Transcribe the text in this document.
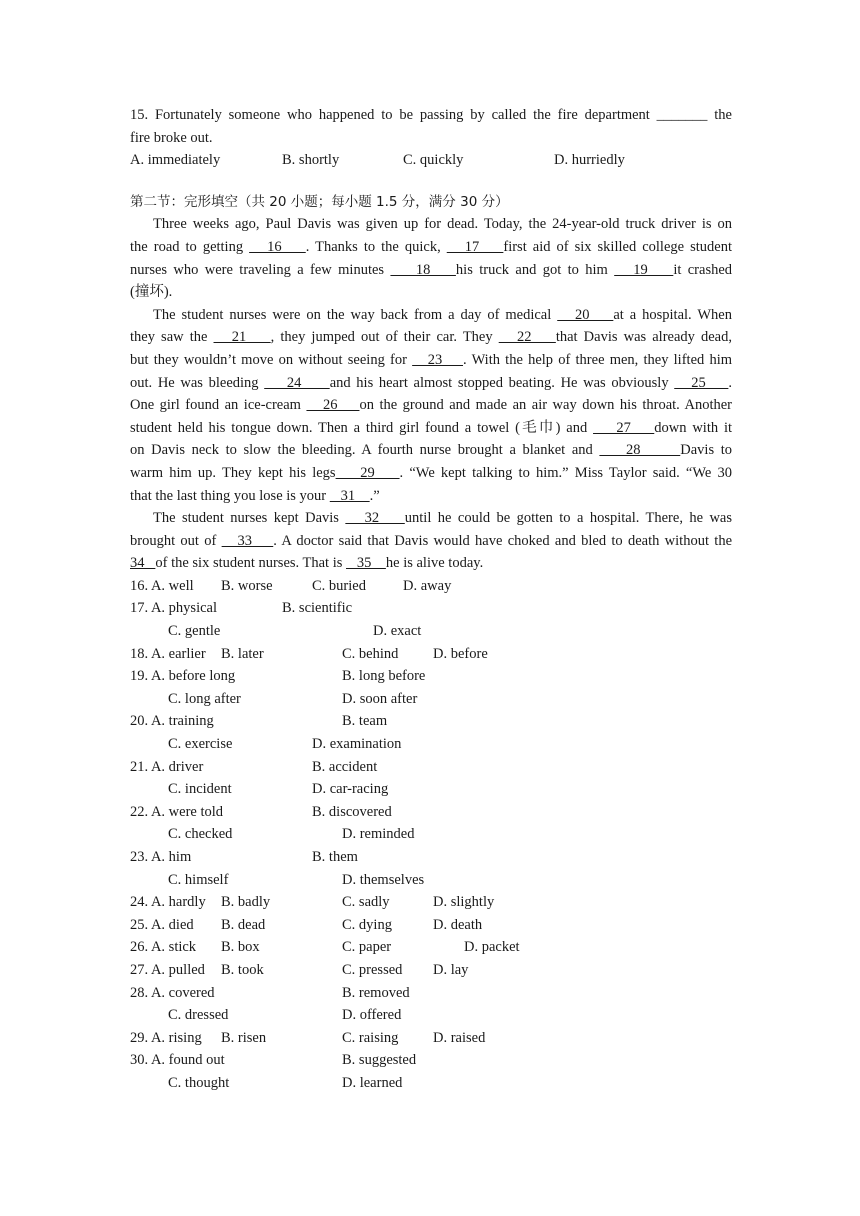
15. Fortunately someone who happened to be passing by called the fire department _______ the
fire broke out.
A. immediately	B. shortly	C. quickly	D. hurriedly
第二节：完形填空（共 20 小题；每小题 1.5 分，满分 30 分）
Three weeks ago, Paul Davis was given up for dead. Today, the 24-year-old truck driver is on
the road to getting    16    . Thanks to the quick,    17    first aid of six skilled college student
nurses who were traveling a few minutes     18    his truck and got to him    19    it crashed
(撞坏).
The student nurses were on the way back from a day of medical    20    at a hospital. When
they saw the    21    , they jumped out of their car. They    22    that Davis was already dead,
but they wouldn’t move on without seeing for    23    . With the help of three men, they lifted him
out. He was bleeding     24     and his heart almost stopped beating. He was obviously    25    .
One girl found an ice-cream    26    on the ground and made an air way down his throat. Another
student held his tongue down. Then a third girl found a towel (毛巾) and     27    down with it
on Davis neck to slow the bleeding. A fourth nurse brought a blanket and     28      Davis to
warm him up. They kept his legs    29    . “We kept talking to him.” Miss Taylor said. “We 30
that the last thing you lose is your    31    .”
The student nurses kept Davis    32    until he could be gotten to a hospital. There, he was
brought out of    33    . A doctor said that Davis would have choked and bled to death without the
34   of the six student nurses. That is    35    he is alive today.
16. A. well B. worse	C. buried	D. away
17. A. physical	B. scientific
C. gentle	D. exact
18. A. earlier B. later	C. behind D. before
19. A. before long	B. long before
C. long after	D. soon after
20. A. training	B. team
C. exercise	D. examination
21. A. driver	B. accident
C. incident	D. car-racing
22. A. were told	B. discovered
C. checked	D. reminded
23. A. him	B. them
C. himself	D. themselves
24. A. hardly B. badly	C. sadly	D. slightly
25. A. died B. dead	C. dying	D. death
26. A. stick B. box	C. paper	D. packet
27. A. pulled B. took	C. pressed D. lay
28. A. covered	B. removed
C. dressed	D. offered
29. A. rising B. risen	C. raising D. raised
30. A. found out	B. suggested
C. thought	D. learned
